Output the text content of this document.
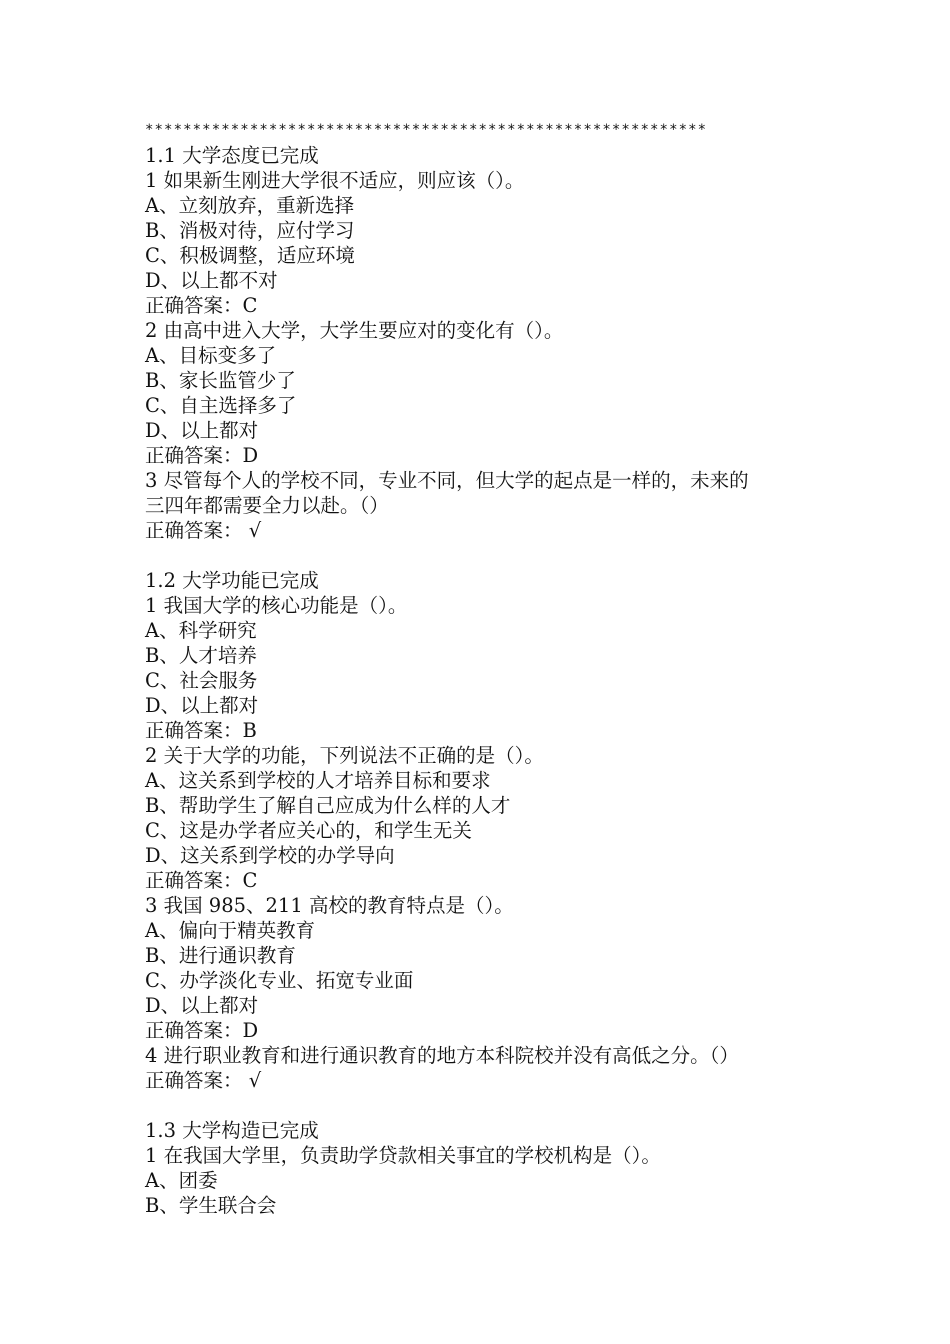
***********************************************************
1.1 大学态度已完成
1 如果新生刚进大学很不适应，则应该（）。
A、立刻放弃，重新选择
B、消极对待，应付学习
C、积极调整，适应环境
D、以上都不对
正确答案：C
2 由高中进入大学，大学生要应对的变化有（）。
A、目标变多了
B、家长监管少了
C、自主选择多了
D、以上都对
正确答案：D
3 尽管每个人的学校不同，专业不同，但大学的起点是一样的，未来的
三四年都需要全力以赴。（）
正确答案： √
1.2 大学功能已完成
1 我国大学的核心功能是（）。
A、科学研究
B、人才培养
C、社会服务
D、以上都对
正确答案：B
2 关于大学的功能，下列说法不正确的是（）。
A、这关系到学校的人才培养目标和要求
B、帮助学生了解自己应成为什么样的人才
C、这是办学者应关心的，和学生无关
D、这关系到学校的办学导向
正确答案：C
3 我国 985、211 高校的教育特点是（）。
A、偏向于精英教育
B、进行通识教育
C、办学淡化专业、拓宽专业面
D、以上都对
正确答案：D
4 进行职业教育和进行通识教育的地方本科院校并没有高低之分。（）
正确答案： √
1.3 大学构造已完成
1 在我国大学里，负责助学贷款相关事宜的学校机构是（）。
A、团委
B、学生联合会
